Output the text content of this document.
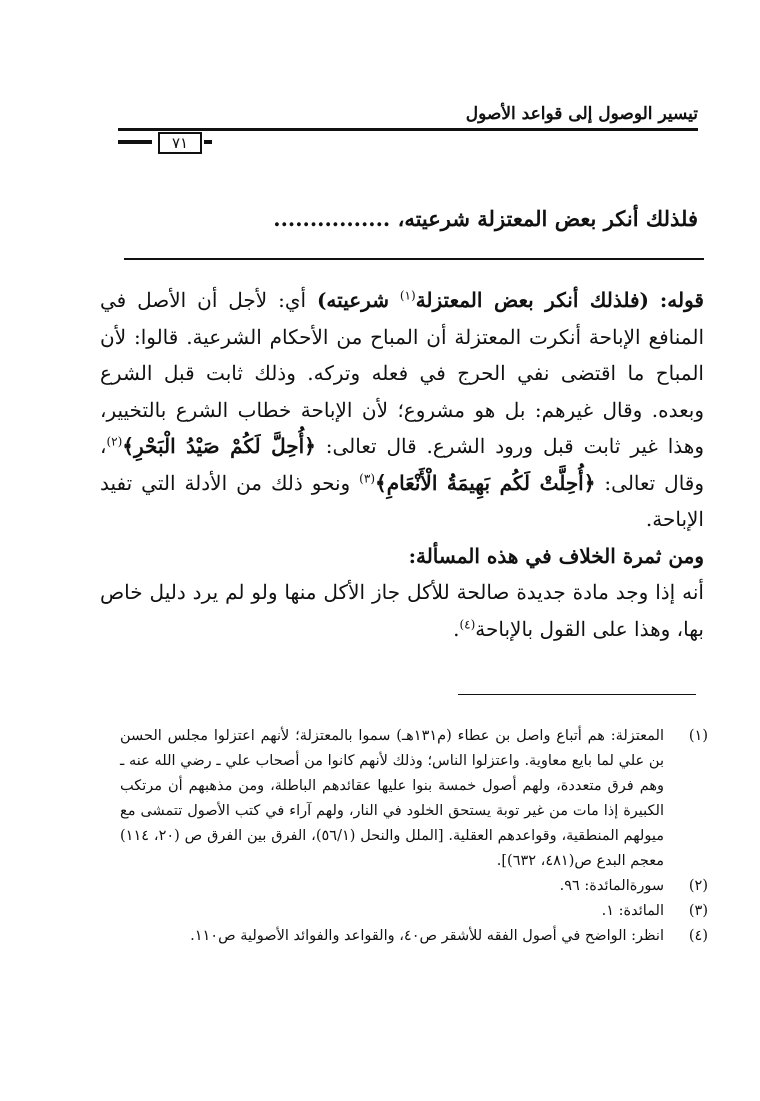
تيسير الوصول إلى قواعد الأصول
٧١
فلذلك أنكر بعض المعتزلة شرعيته، ................

قوله: (فلذلك أنكر بعض المعتزلة$^{(١)}$ شرعيته) أي: لأجل أن الأصل في المنافع الإباحة أنكرت المعتزلة أن المباح من الأحكام الشرعية. قالوا: لأن المباح ما اقتضى نفي الحرج في فعله وتركه. وذلك ثابت قبل الشرع وبعده. وقال غيرهم: بل هو مشروع؛ لأن الإباحة خطاب الشرع بالتخيير، وهذا غير ثابت قبل ورود الشرع. قال تعالى: ﴿أُحِلَّ لَكُمْ صَيْدُ الْبَحْرِ﴾$^{(٢)}$، وقال تعالى: ﴿أُحِلَّتْ لَكُم بَهِيمَةُ الْأَنْعَامِ﴾$^{(٣)}$ ونحو ذلك من الأدلة التي تفيد الإباحة.

ومن ثمرة الخلاف في هذه المسألة:

أنه إذا وجد مادة جديدة صالحة للأكل جاز الأكل منها ولو لم يرد دليل خاص بها، وهذا على القول بالإباحة$^{(٤)}$.

(١)
المعتزلة: هم أتباع واصل بن عطاء (م١٣١هـ) سموا بالمعتزلة؛ لأنهم اعتزلوا مجلس الحسن بن علي لما بايع معاوية. واعتزلوا الناس؛ وذلك لأنهم كانوا من أصحاب علي ـ رضي الله عنه ـ وهم فرق متعددة، ولهم أصول خمسة بنوا عليها عقائدهم الباطلة، ومن مذهبهم أن مرتكب الكبيرة إذا مات من غير توبة يستحق الخلود في النار، ولهم آراء في كتب الأصول تتمشى مع ميولهم المنطقية، وقواعدهم العقلية. [الملل والنحل (٥٦/١)، الفرق بين الفرق ص (٢٠، ١١٤) معجم البدع ص(٤٨١، ٦٣٢)].
(٢)
سورةالمائدة: ٩٦.
(٣)
المائدة: ١.
(٤)
انظر: الواضح في أصول الفقه للأشقر ص٤٠، والقواعد والفوائد الأصولية ص١١٠.
